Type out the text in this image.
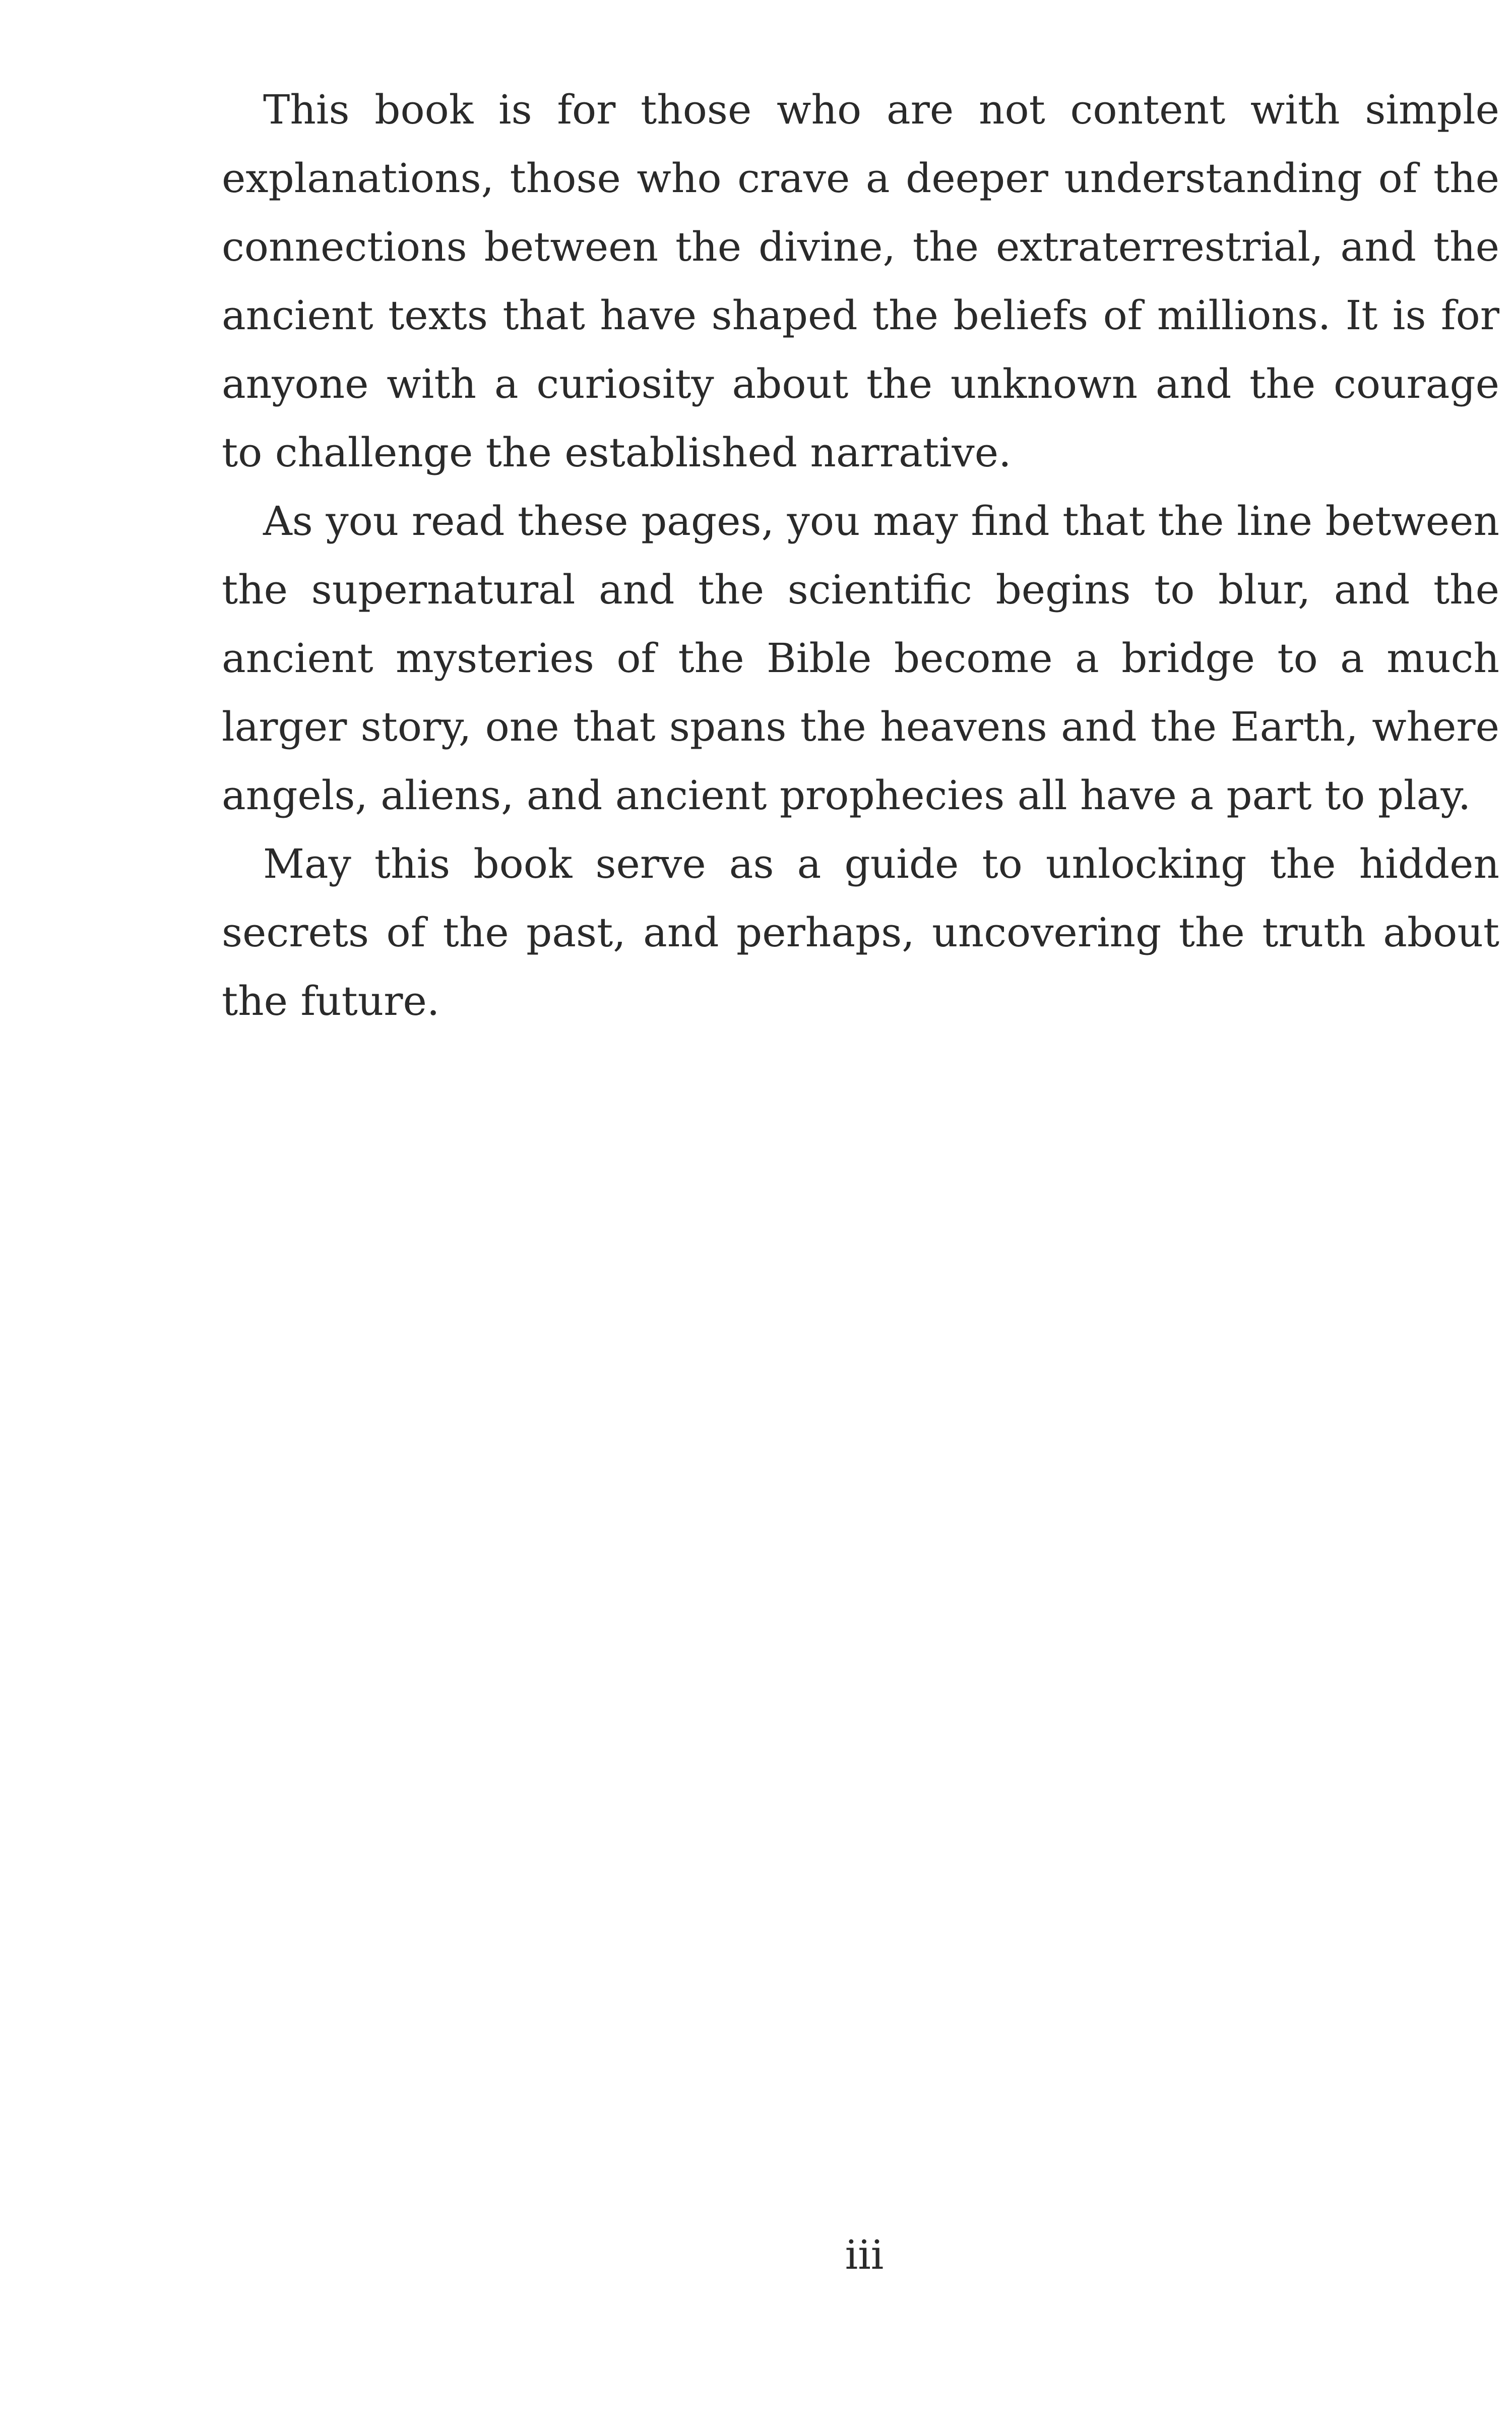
This book is for those who are not content with simple explanations, those who crave a deeper understanding of the connections between the divine, the extraterrestrial, and the ancient texts that have shaped the beliefs of millions. It is for anyone with a curiosity about the unknown and the courage to challenge the established narrative.

As you read these pages, you may find that the line between the supernatural and the scientific begins to blur, and the ancient mysteries of the Bible become a bridge to a much larger story, one that spans the heavens and the Earth, where angels, aliens, and ancient prophecies all have a part to play.

May this book serve as a guide to unlocking the hidden secrets of the past, and perhaps, uncovering the truth about the future.

iii
